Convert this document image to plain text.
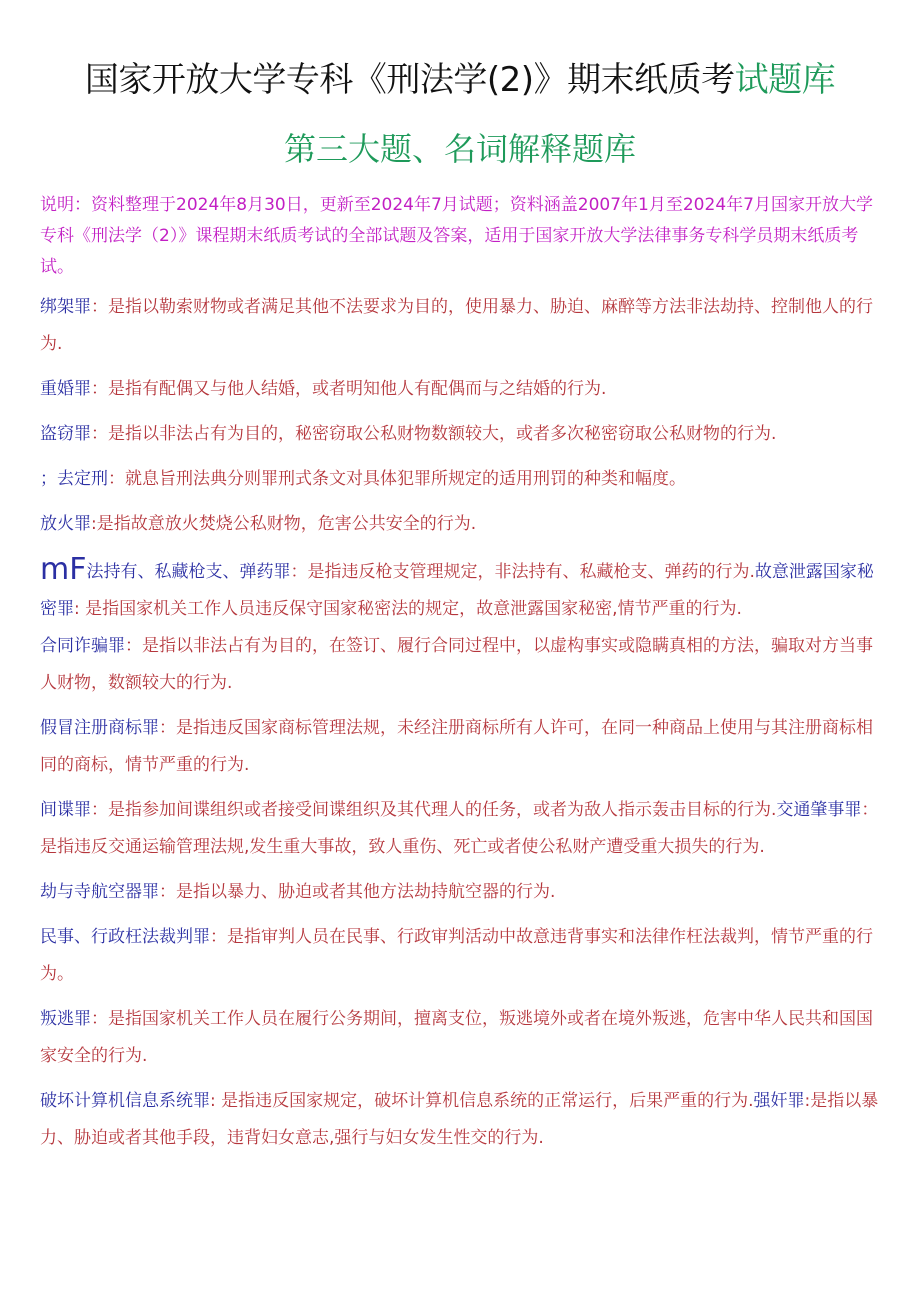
国家开放大学专科《刑法学(2)》期末纸质考试题库
第三大题、名词解释题库
说明：资料整理于2024年8月30日，更新至2024年7月试题；资料涵盖2007年1月至2024年7月国家开放大学专科《刑法学（2）》课程期末纸质考试的全部试题及答案，适用于国家开放大学法律事务专科学员期末纸质考试。
绑架罪：是指以勒索财物或者满足其他不法要求为目的，使用暴力、胁迫、麻醉等方法非法劫持、控制他人的行为.
重婚罪：是指有配偶又与他人结婚，或者明知他人有配偶而与之结婚的行为.
盗窃罪：是指以非法占有为目的，秘密窃取公私财物数额较大，或者多次秘密窃取公私财物的行为.
；去定刑：就息旨刑法典分则罪刑式条文对具体犯罪所规定的适用刑罚的种类和幅度。
放火罪:是指故意放火焚烧公私财物，危害公共安全的行为.
mF法持有、私藏枪支、弹药罪：是指违反枪支管理规定，非法持有、私藏枪支、弹药的行为.故意泄露国家秘密罪: 是指国家机关工作人员违反保守国家秘密法的规定，故意泄露国家秘密,情节严重的行为.
合同诈骗罪：是指以非法占有为目的，在签订、履行合同过程中，以虚构事实或隐瞒真相的方法，骗取对方当事人财物，数额较大的行为.
假冒注册商标罪：是指违反国家商标管理法规，未经注册商标所有人许可，在同一种商品上使用与其注册商标相同的商标，情节严重的行为.
间谍罪：是指参加间谍组织或者接受间谍组织及其代理人的任务，或者为敌人指示轰击目标的行为.交通肇事罪：是指违反交通运输管理法规,发生重大事故，致人重伤、死亡或者使公私财产遭受重大损失的行为.
劫与寺航空器罪：是指以暴力、胁迫或者其他方法劫持航空器的行为.
民事、行政枉法裁判罪：是指审判人员在民事、行政审判活动中故意违背事实和法律作枉法裁判，情节严重的行为。
叛逃罪：是指国家机关工作人员在履行公务期间，擅离支位，叛逃境外或者在境外叛逃，危害中华人民共和国国家安全的行为.
破坏计算机信息系统罪: 是指违反国家规定，破坏计算机信息系统的正常运行，后果严重的行为.强奸罪:是指以暴力、胁迫或者其他手段，违背妇女意志,强行与妇女发生性交的行为.
